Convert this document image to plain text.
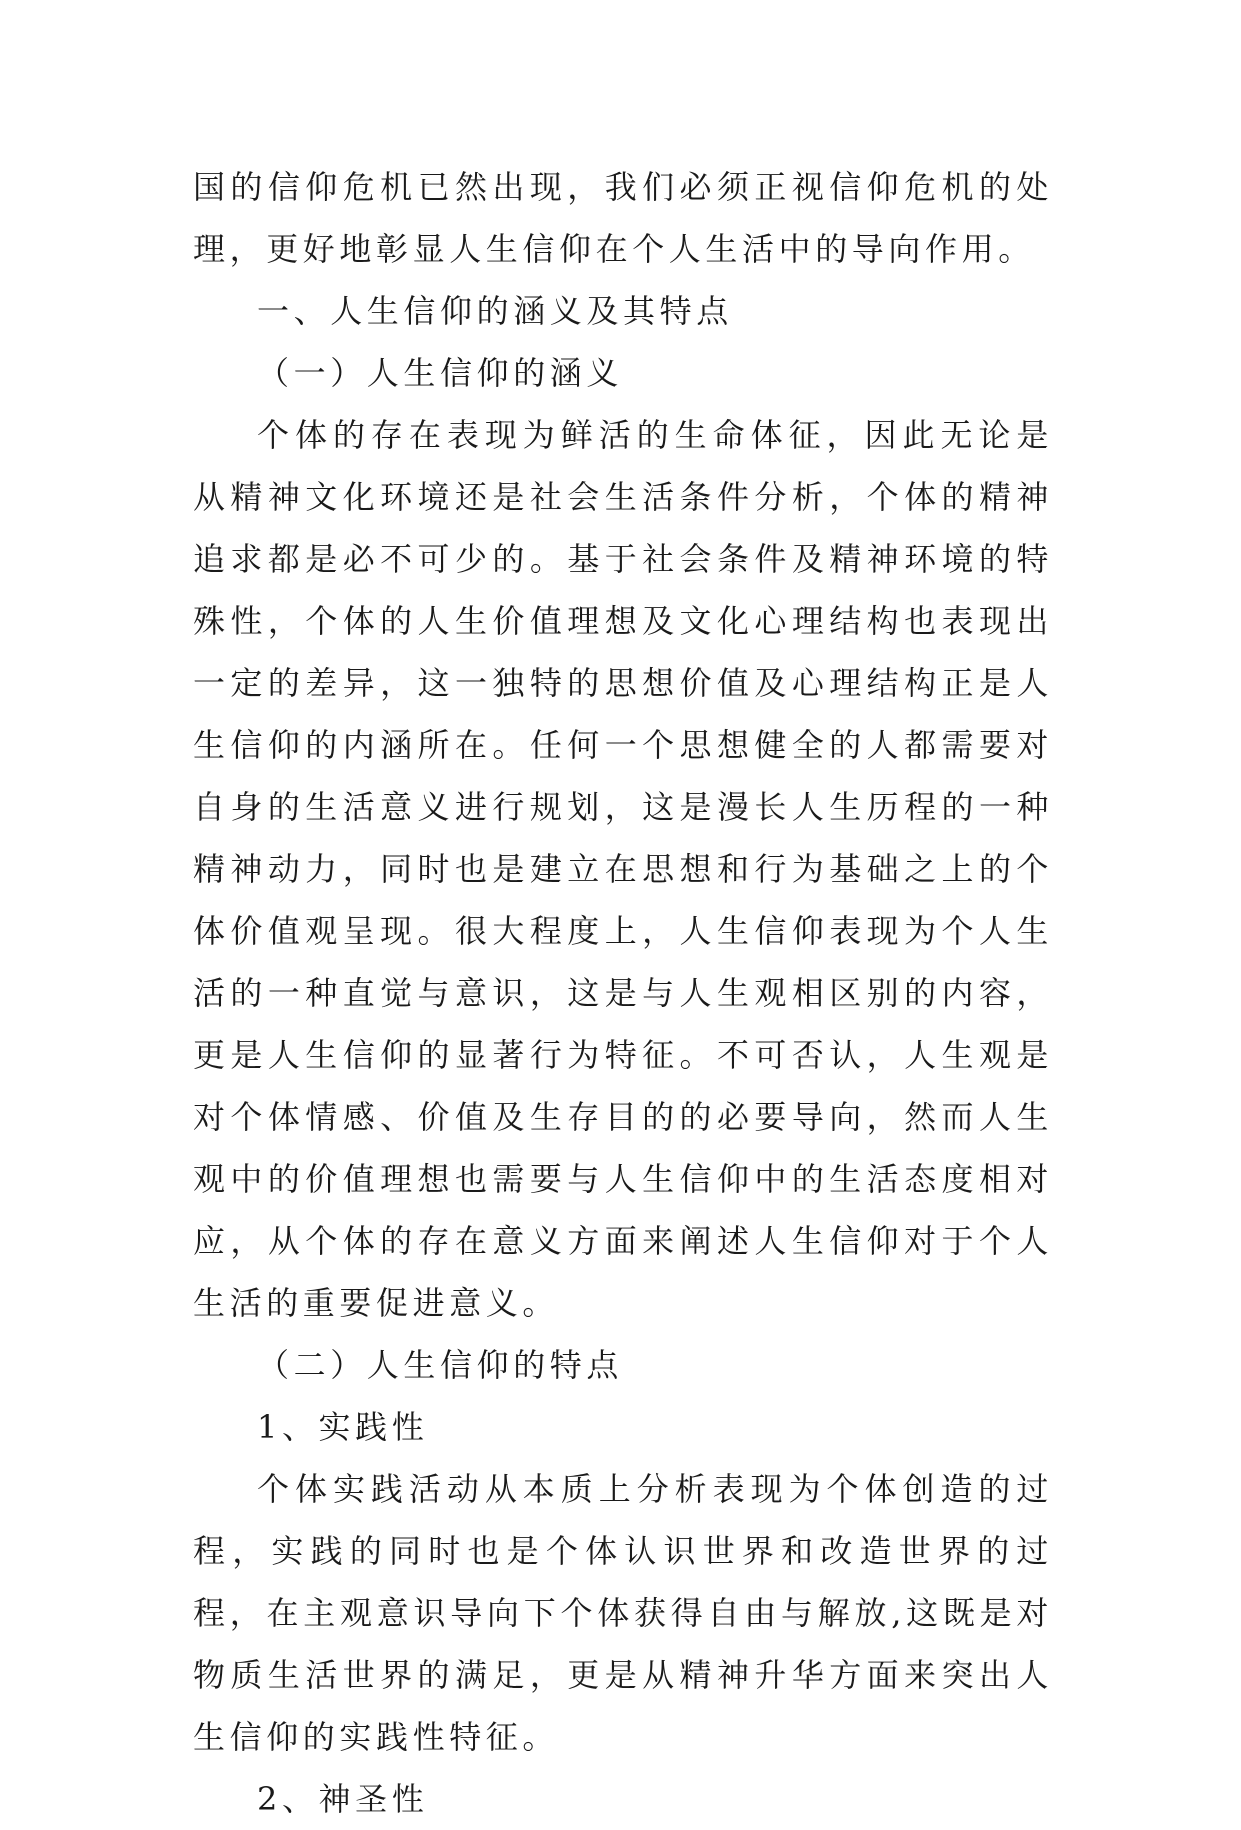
国的信仰危机已然出现，我们必须正视信仰危机的处理，更好地彰显人生信仰在个人生活中的导向作用。

一、人生信仰的涵义及其特点

（一）人生信仰的涵义

个体的存在表现为鲜活的生命体征，因此无论是从精神文化环境还是社会生活条件分析，个体的精神追求都是必不可少的。基于社会条件及精神环境的特殊性，个体的人生价值理想及文化心理结构也表现出一定的差异，这一独特的思想价值及心理结构正是人生信仰的内涵所在。任何一个思想健全的人都需要对自身的生活意义进行规划，这是漫长人生历程的一种精神动力，同时也是建立在思想和行为基础之上的个体价值观呈现。很大程度上，人生信仰表现为个人生活的一种直觉与意识，这是与人生观相区别的内容，更是人生信仰的显著行为特征。不可否认，人生观是对个体情感、价值及生存目的的必要导向，然而人生观中的价值理想也需要与人生信仰中的生活态度相对应，从个体的存在意义方面来阐述人生信仰对于个人生活的重要促进意义。

（二）人生信仰的特点

1、实践性

个体实践活动从本质上分析表现为个体创造的过程，实践的同时也是个体认识世界和改造世界的过程，在主观意识导向下个体获得自由与解放,这既是对物质生活世界的满足，更是从精神升华方面来突出人生信仰的实践性特征。

2、神圣性
